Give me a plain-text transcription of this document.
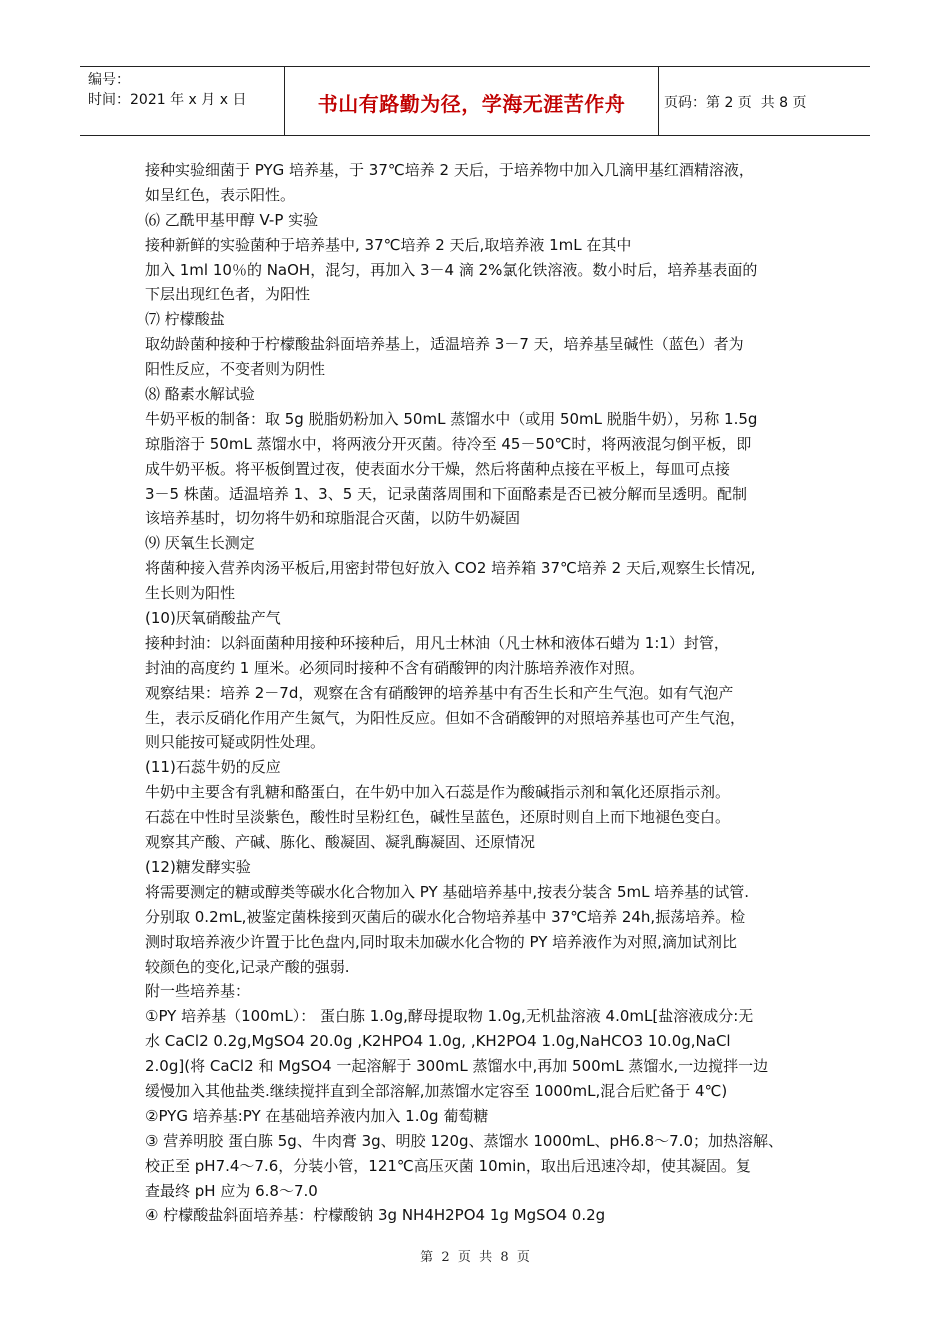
编号：
时间：2021 年 x 月 x 日	书山有路勤为径，学海无涯苦作舟	页码：第 2 页  共 8 页
接种实验细菌于 PYG 培养基，于 37℃培养 2 天后，于培养物中加入几滴甲基红酒精溶液，
如呈红色，表示阳性。
⑹ 乙酰甲基甲醇 V-P 实验
接种新鲜的实验菌种于培养基中, 37℃培养 2 天后,取培养液 1mL 在其中
加入 1ml 10％的 NaOH，混匀，再加入 3－4 滴 2%氯化铁溶液。数小时后，培养基表面的
下层出现红色者，为阳性
⑺ 柠檬酸盐
取幼龄菌种接种于柠檬酸盐斜面培养基上，适温培养 3－7 天，培养基呈碱性（蓝色）者为
阳性反应，不变者则为阴性
⑻ 酪素水解试验
牛奶平板的制备：取 5g 脱脂奶粉加入 50mL 蒸馏水中（或用 50mL 脱脂牛奶），另称 1.5g
琼脂溶于 50mL 蒸馏水中，将两液分开灭菌。待冷至 45－50℃时，将两液混匀倒平板，即
成牛奶平板。将平板倒置过夜，使表面水分干燥，然后将菌种点接在平板上，每皿可点接
3－5 株菌。适温培养 1、3、5 天，记录菌落周围和下面酪素是否已被分解而呈透明。配制
该培养基时，切勿将牛奶和琼脂混合灭菌，以防牛奶凝固
⑼ 厌氧生长测定
将菌种接入营养肉汤平板后,用密封带包好放入 CO2 培养箱 37℃培养 2 天后,观察生长情况,
生长则为阳性
(10)厌氧硝酸盐产气
接种封油：以斜面菌种用接种环接种后，用凡士林油（凡士林和液体石蜡为 1:1）封管，
封油的高度约 1 厘米。必须同时接种不含有硝酸钾的肉汁胨培养液作对照。
观察结果：培养 2－7d，观察在含有硝酸钾的培养基中有否生长和产生气泡。如有气泡产
生，表示反硝化作用产生氮气，为阳性反应。但如不含硝酸钾的对照培养基也可产生气泡，
则只能按可疑或阴性处理。
(11)石蕊牛奶的反应
牛奶中主要含有乳糖和酪蛋白，在牛奶中加入石蕊是作为酸碱指示剂和氧化还原指示剂。
石蕊在中性时呈淡紫色，酸性时呈粉红色，碱性呈蓝色，还原时则自上而下地褪色变白。
观察其产酸、产碱、胨化、酸凝固、凝乳酶凝固、还原情况
(12)糖发酵实验
将需要测定的糖或醇类等碳水化合物加入 PY 基础培养基中,按表分装含 5mL 培养基的试管.
分别取 0.2mL,被鉴定菌株接到灭菌后的碳水化合物培养基中 37℃培养 24h,振荡培养。检
测时取培养液少许置于比色盘内,同时取未加碳水化合物的 PY 培养液作为对照,滴加试剂比
较颜色的变化,记录产酸的强弱.
附一些培养基：
①PY 培养基（100mL）： 蛋白胨 1.0g,酵母提取物 1.0g,无机盐溶液 4.0mL[盐溶液成分:无
水 CaCl2 0.2g,MgSO4 20.0g ,K2HPO4 1.0g, ,KH2PO4 1.0g,NaHCO3 10.0g,NaCl
2.0g](将 CaCl2 和 MgSO4 一起溶解于 300mL 蒸馏水中,再加 500mL 蒸馏水,一边搅拌一边
缓慢加入其他盐类.继续搅拌直到全部溶解,加蒸馏水定容至 1000mL,混合后贮备于 4℃)
②PYG 培养基:PY 在基础培养液内加入 1.0g 葡萄糖
③ 营养明胶 蛋白胨 5g、牛肉膏 3g、明胶 120g、蒸馏水 1000mL、pH6.8～7.0；加热溶解、
校正至 pH7.4～7.6，分装小管，121℃高压灭菌 10min，取出后迅速冷却，使其凝固。复
查最终 pH 应为 6.8～7.0
④ 柠檬酸盐斜面培养基：柠檬酸钠 3g NH4H2PO4 1g MgSO4 0.2g
第  2  页  共  8  页
